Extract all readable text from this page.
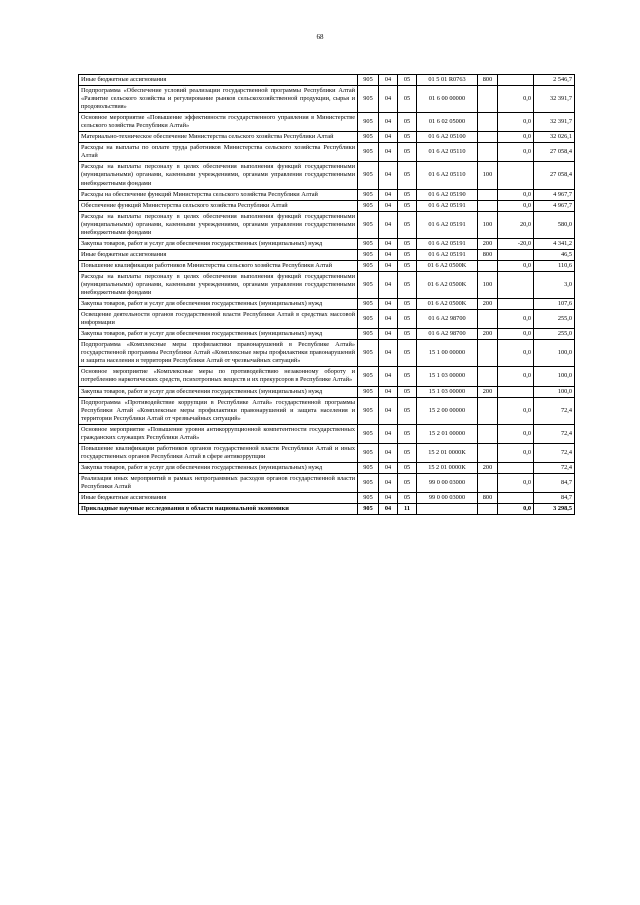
68
Иные бюджетные ассигнования	905	04	05	01 5 01 R0763	800		2 546,7
Подпрограмма «Обеспечение условий реализации государственной программы Республики Алтай «Развитие сельского хозяйства и регулирование рынков сельскохозяйственной продукции, сырья и продовольствия»	905	04	05	01 6 00 00000		0,0	32 391,7
Основное мероприятие «Повышение эффективности государственного управления в Министерстве сельского хозяйства Республики Алтай»	905	04	05	01 6 02 05000		0,0	32 391,7
Материально-техническое обеспечение Министерства сельского хозяйства Республики Алтай	905	04	05	01 6 A2 05100		0,0	32 026,1
Расходы на выплаты по оплате труда работников Министерства сельского хозяйства Республики Алтай	905	04	05	01 6 A2 05110		0,0	27 058,4
Расходы на выплаты персоналу в целях обеспечения выполнения функций государственными (муниципальными) органами, казенными учреждениями, органами управления государственными внебюджетными фондами	905	04	05	01 6 A2 05110	100		27 058,4
Расходы на обеспечение функций Министерства сельского хозяйства Республики Алтай	905	04	05	01 6 A2 05190		0,0	4 967,7
Обеспечение функций Министерства сельского хозяйства Республики Алтай	905	04	05	01 6 A2 05191		0,0	4 967,7
Расходы на выплаты персоналу в целях обеспечения выполнения функций государственными (муниципальными) органами, казенными учреждениями, органами управления государственными внебюджетными фондами	905	04	05	01 6 A2 05191	100	20,0	580,0
Закупка товаров, работ и услуг для обеспечения государственных (муниципальных) нужд	905	04	05	01 6 A2 05191	200	-20,0	4 341,2
Иные бюджетные ассигнования	905	04	05	01 6 A2 05191	800		46,5
Повышение квалификации работников Министерства сельского хозяйства Республики Алтай	905	04	05	01 6 A2 0500K		0,0	110,6
Расходы на выплаты персоналу в целях обеспечения выполнения функций государственными (муниципальными) органами, казенными учреждениями, органами управления государственными внебюджетными фондами	905	04	05	01 6 A2 0500K	100		3,0
Закупка товаров, работ и услуг для обеспечения государственных (муниципальных) нужд	905	04	05	01 6 A2 0500K	200		107,6
Освещение деятельности органов государственной власти Республики Алтай в средствах массовой информации	905	04	05	01 6 A2 98700		0,0	255,0
Закупка товаров, работ и услуг для обеспечения государственных (муниципальных) нужд	905	04	05	01 6 A2 98700	200	0,0	255,0
Подпрограмма «Комплексные меры профилактики правонарушений в Республике Алтай» государственной программы Республики Алтай «Комплексные меры профилактики правонарушений и защита населения и территории Республики Алтай от чрезвычайных ситуаций»	905	04	05	15 1 00 00000		0,0	100,0
Основное мероприятие «Комплексные меры по противодействию незаконному обороту и потреблению наркотических средств, психотропных веществ и их прекурсоров в Республике Алтай»	905	04	05	15 1 03 00000		0,0	100,0
Закупка товаров, работ и услуг для обеспечения государственных (муниципальных) нужд	905	04	05	15 1 03 00000	200		100,0
Подпрограмма «Противодействие коррупции в Республике Алтай» государственной программы Республики Алтай «Комплексные меры профилактики правонарушений и защита населения и территории Республики Алтай от чрезвычайных ситуаций»	905	04	05	15 2 00 00000		0,0	72,4
Основное мероприятие «Повышение уровня антикоррупционной компетентности государственных гражданских служащих Республики Алтай»	905	04	05	15 2 01 00000		0,0	72,4
Повышение квалификации работников органов государственной власти Республики Алтай и иных государственных органов Республики Алтай в сфере антикоррупции	905	04	05	15 2 01 0000K		0,0	72,4
Закупка товаров, работ и услуг для обеспечения государственных (муниципальных) нужд	905	04	05	15 2 01 0000K	200		72,4
Реализация иных мероприятий в рамках непрограммных расходов органов государственной власти Республики Алтай	905	04	05	99 0 00 03000		0,0	84,7
Иные бюджетные ассигнования	905	04	05	99 0 00 03000	800		84,7
Прикладные научные исследования в области национальной экономики	905	04	11			0,0	3 298,5
